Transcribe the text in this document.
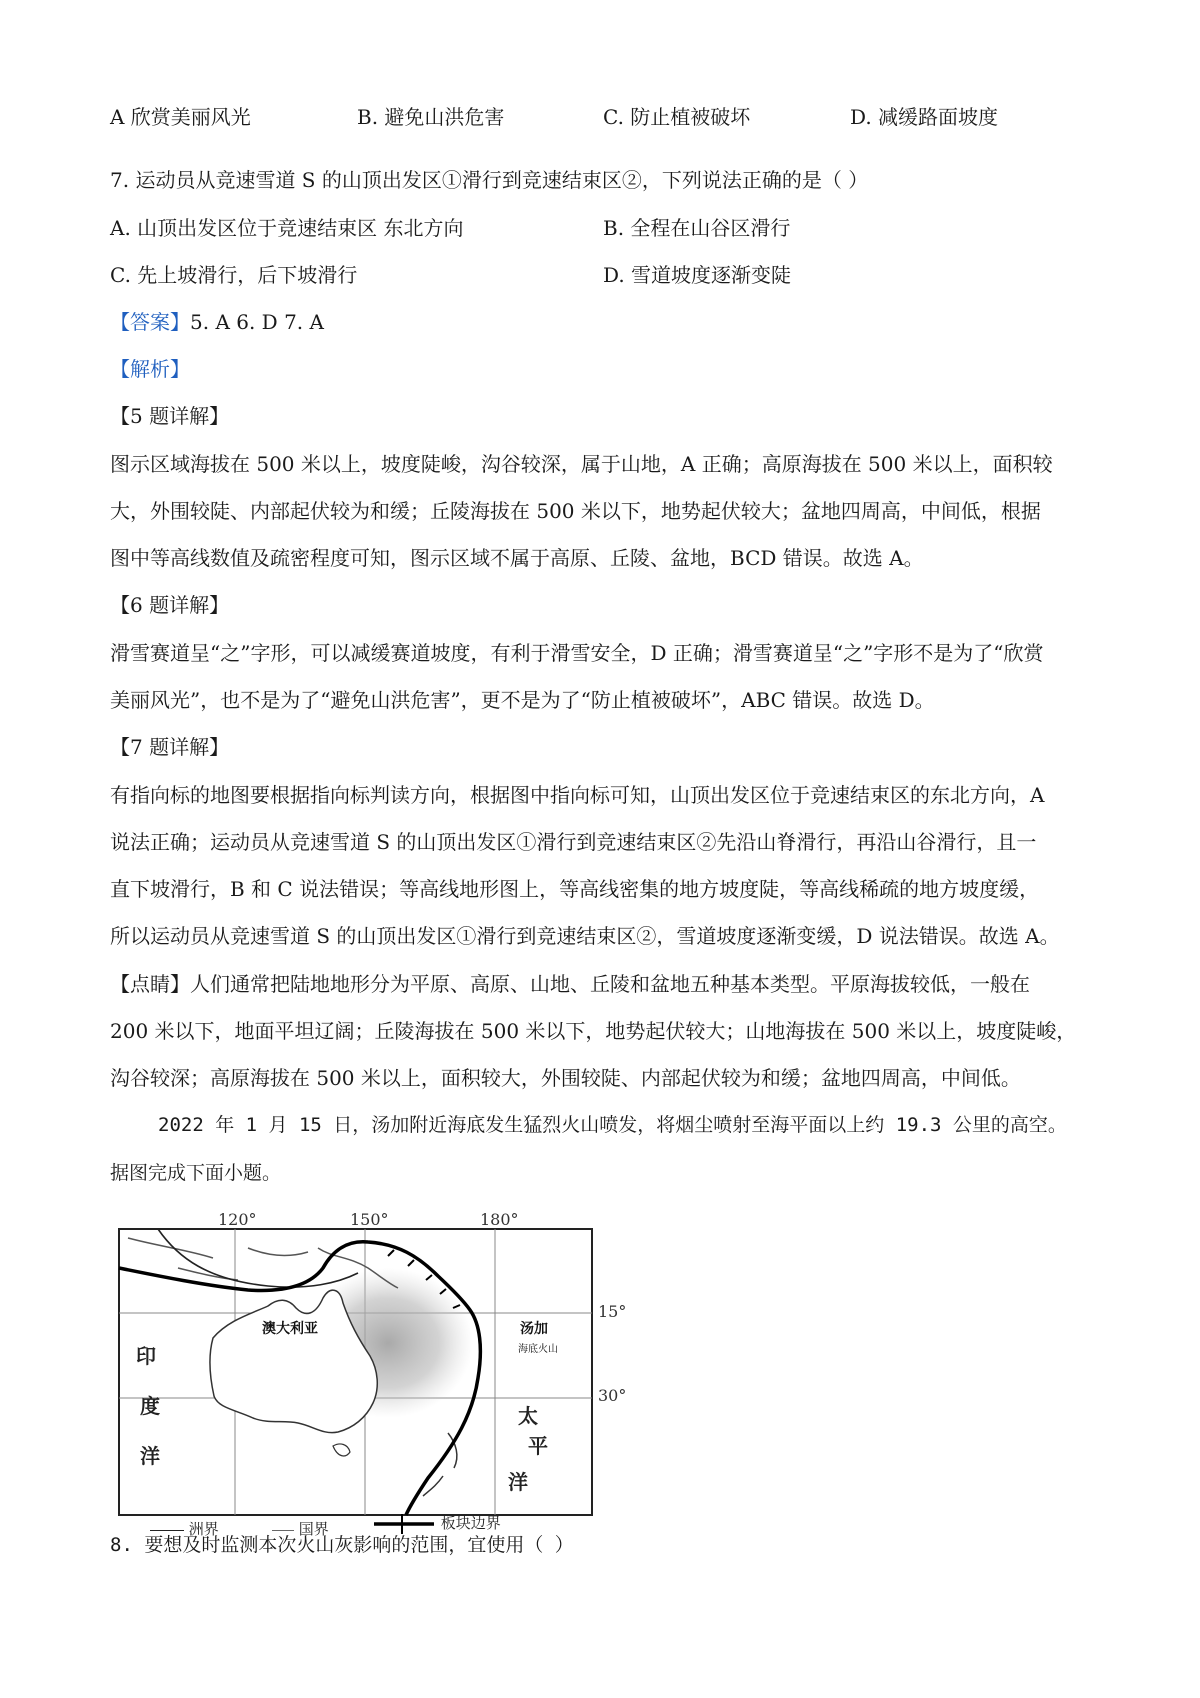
A 欣赏美丽风光	B. 避免山洪危害	C. 防止植被破坏	D. 减缓路面坡度
7. 运动员从竞速雪道 S 的山顶出发区①滑行到竞速结束区②，下列说法正确的是（ ）
A. 山顶出发区位于竞速结束区 东北方向	B. 全程在山谷区滑行
C. 先上坡滑行，后下坡滑行	D. 雪道坡度逐渐变陡
【答案】5. A 6. D 7. A
【解析】
【5 题详解】
图示区域海拔在 500 米以上，坡度陡峻，沟谷较深，属于山地，A 正确；高原海拔在 500 米以上，面积较
大，外围较陡、内部起伏较为和缓；丘陵海拔在 500 米以下，地势起伏较大；盆地四周高，中间低，根据
图中等高线数值及疏密程度可知，图示区域不属于高原、丘陵、盆地，BCD 错误。故选 A。
【6 题详解】
滑雪赛道呈“之”字形，可以减缓赛道坡度，有利于滑雪安全，D 正确；滑雪赛道呈“之”字形不是为了“欣赏
美丽风光”，也不是为了“避免山洪危害”，更不是为了“防止植被破坏”，ABC 错误。故选 D。
【7 题详解】
有指向标的地图要根据指向标判读方向，根据图中指向标可知，山顶出发区位于竞速结束区的东北方向，A
说法正确；运动员从竞速雪道 S 的山顶出发区①滑行到竞速结束区②先沿山脊滑行，再沿山谷滑行，且一
直下坡滑行，B 和 C 说法错误；等高线地形图上，等高线密集的地方坡度陡，等高线稀疏的地方坡度缓，
所以运动员从竞速雪道 S 的山顶出发区①滑行到竞速结束区②，雪道坡度逐渐变缓，D 说法错误。故选 A。
【点睛】人们通常把陆地地形分为平原、高原、山地、丘陵和盆地五种基本类型。平原海拔较低，一般在
200 米以下，地面平坦辽阔；丘陵海拔在 500 米以下，地势起伏较大；山地海拔在 500 米以上，坡度陡峻，
沟谷较深；高原海拔在 500 米以上，面积较大，外围较陡、内部起伏较为和缓；盆地四周高，中间低。
2022 年 1 月 15 日，汤加附近海底发生猛烈火山喷发，将烟尘喷射至海平面以上约 19.3 公里的高空。
据图完成下面小题。
120°	150°	180°
澳大利亚	汤加
海底火山
15°
30°
印
度
洋
太
平
洋
洲界	国界	板块边界
8. 要想及时监测本次火山灰影响的范围，宜使用（ ）
